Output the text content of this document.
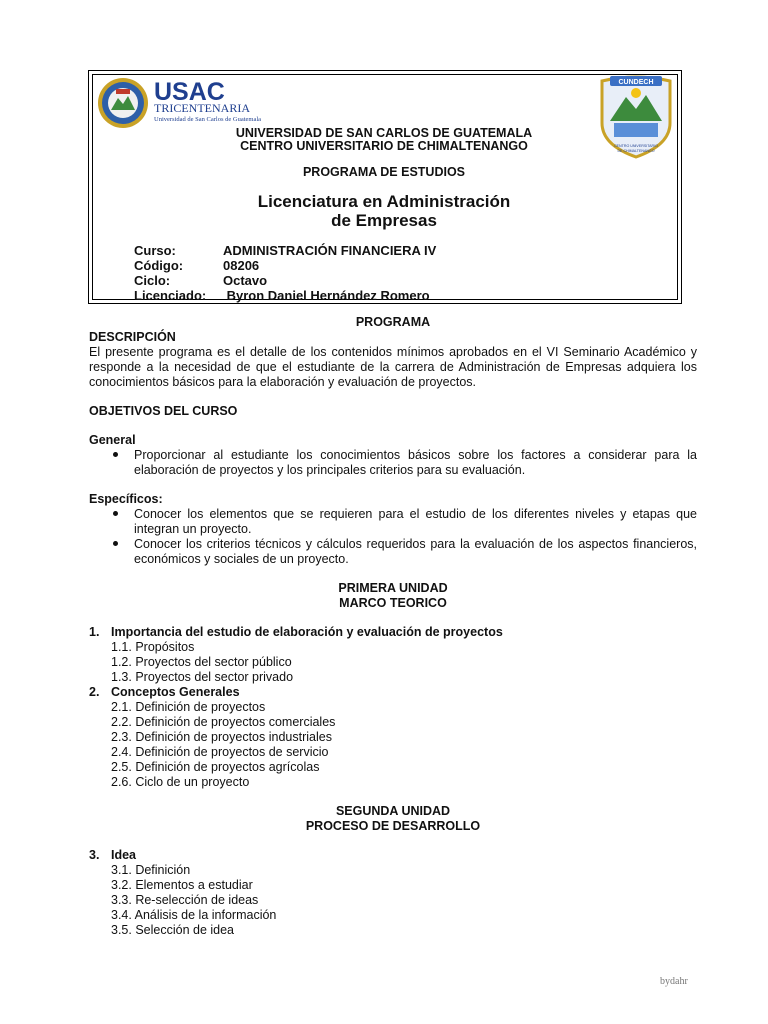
USAC
TRICENTENARIA
Universidad de San Carlos de Guatemala
CUNDECH
CENTRO UNIVERSITARIO
DE CHIMALTENANGO
UNIVERSIDAD DE SAN CARLOS DE GUATEMALA
CENTRO UNIVERSITARIO DE CHIMALTENANGO
PROGRAMA DE ESTUDIOS
Licenciatura en Administración
de Empresas
Curso:	ADMINISTRACIÓN FINANCIERA IV
Código:	08206
Ciclo:	Octavo
Licenciado:	Byron Daniel Hernández Romero
PROGRAMA
DESCRIPCIÓN
El presente programa es el detalle de los contenidos mínimos aprobados en el VI Seminario Académico y responde a la necesidad de que el estudiante de la carrera de Administración de Empresas adquiera los conocimientos básicos para la elaboración y evaluación de proyectos.
OBJETIVOS DEL CURSO
General
Proporcionar al estudiante los conocimientos básicos sobre los factores a considerar para la elaboración de proyectos y los principales criterios para su evaluación.
Específicos:
Conocer los elementos que se requieren para el estudio de los diferentes niveles y etapas que integran un proyecto.
Conocer los criterios técnicos y cálculos requeridos para la evaluación de los aspectos financieros, económicos y sociales de un proyecto.
PRIMERA UNIDAD
MARCO TEORICO
1. Importancia del estudio de elaboración y evaluación de proyectos
1.1. Propósitos
1.2. Proyectos del sector público
1.3. Proyectos del sector privado
2. Conceptos Generales
2.1. Definición de proyectos
2.2. Definición de proyectos comerciales
2.3. Definición de proyectos industriales
2.4. Definición de proyectos de servicio
2.5. Definición de proyectos agrícolas
2.6. Ciclo de un proyecto
SEGUNDA UNIDAD
PROCESO DE DESARROLLO
3. Idea
3.1. Definición
3.2. Elementos a estudiar
3.3. Re-selección de ideas
3.4. Análisis de la información
3.5. Selección de idea
bydahr
